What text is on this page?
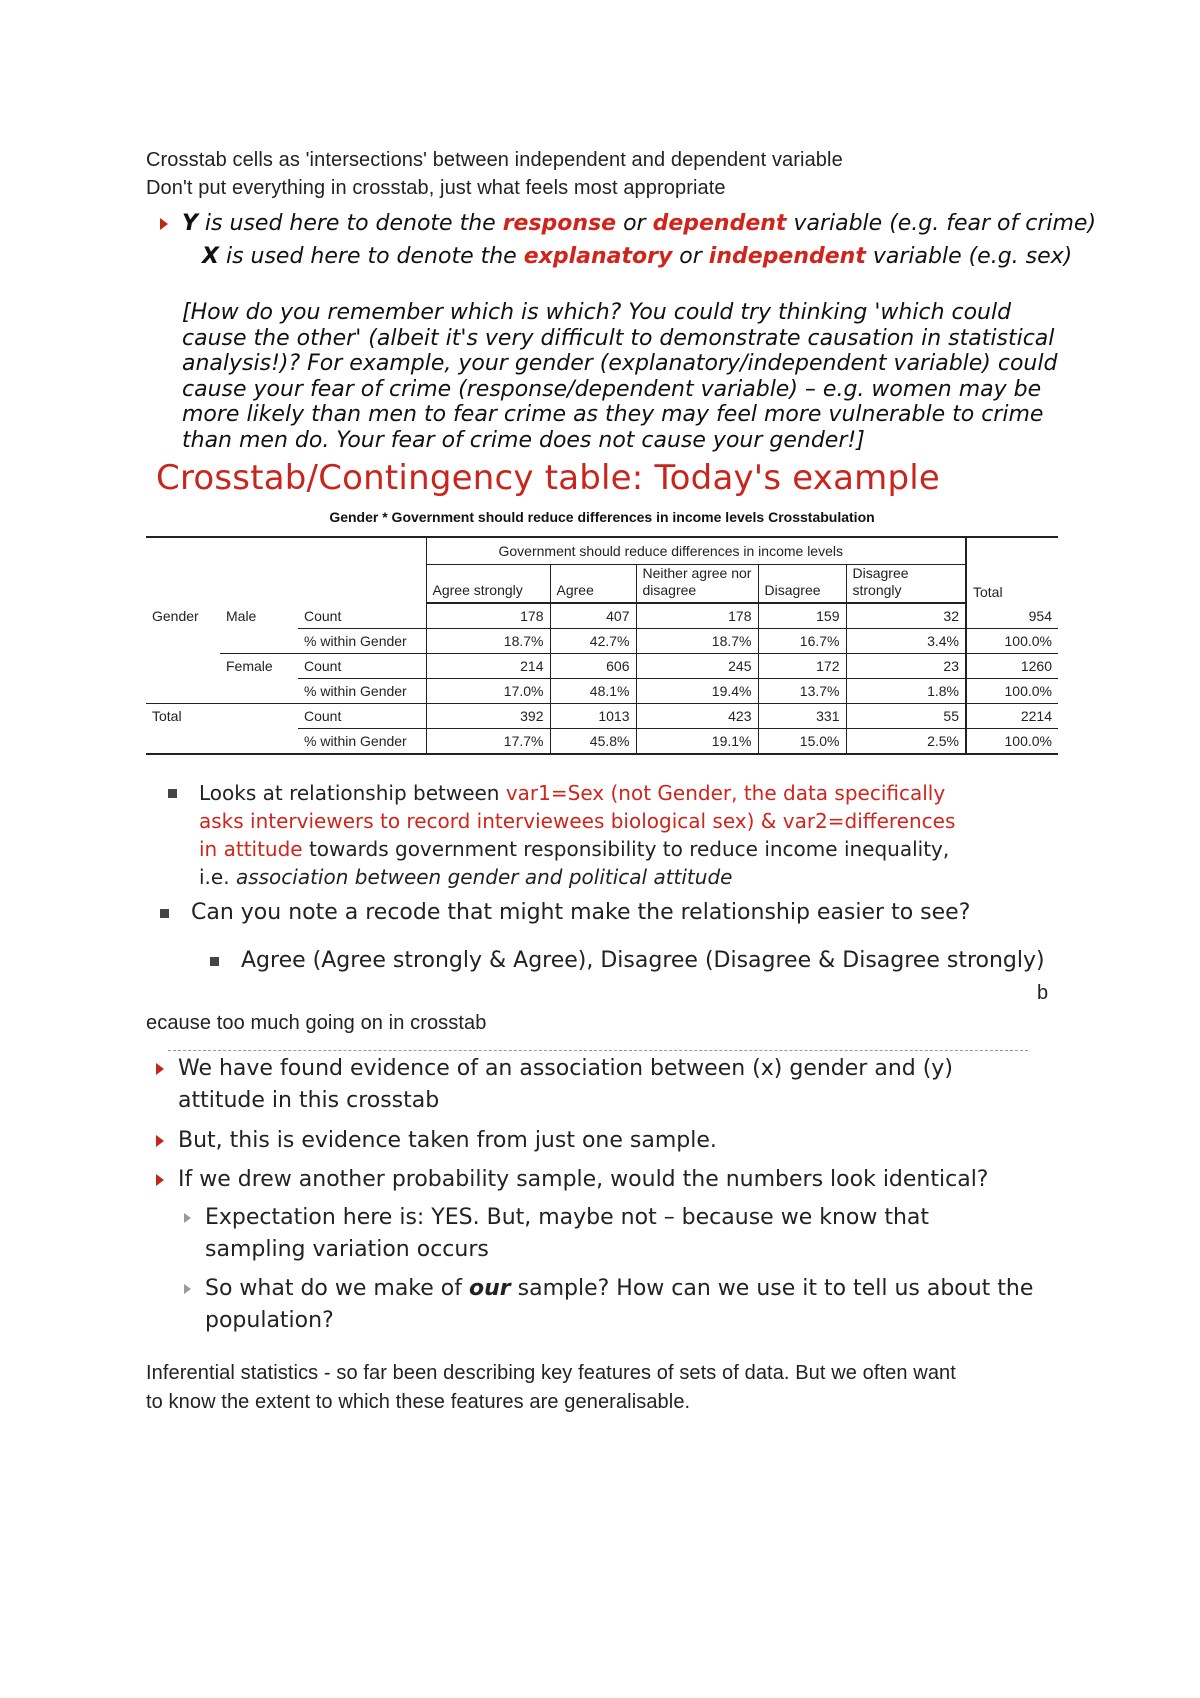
Crosstab cells as 'intersections' between independent and dependent variable
Don't put everything in crosstab, just what feels most appropriate
Y is used here to denote the response or dependent variable (e.g. fear of crime)
X is used here to denote the explanatory or independent variable (e.g. sex)
[How do you remember which is which? You could try thinking 'which could cause the other' (albeit it's very difficult to demonstrate causation in statistical analysis!)? For example, your gender (explanatory/independent variable) could cause your fear of crime (response/dependent variable) – e.g. women may be more likely than men to fear crime as they may feel more vulnerable to crime than men do. Your fear of crime does not cause your gender!]
Crosstab/Contingency table: Today's example
Gender * Government should reduce differences in income levels Crosstabulation
			Government should reduce differences in income levels					Total
			Agree strongly	Agree	Neither agree nor disagree	Disagree	Disagree strongly	
Gender	Male	Count	178	407	178	159	32	954
		% within Gender	18.7%	42.7%	18.7%	16.7%	3.4%	100.0%
	Female	Count	214	606	245	172	23	1260
		% within Gender	17.0%	48.1%	19.4%	13.7%	1.8%	100.0%
Total		Count	392	1013	423	331	55	2214
		% within Gender	17.7%	45.8%	19.1%	15.0%	2.5%	100.0%
Looks at relationship between var1=Sex (not Gender, the data specifically asks interviewers to record interviewees biological sex) & var2=differences in attitude towards government responsibility to reduce income inequality, i.e. association between gender and political attitude
Can you note a recode that might make the relationship easier to see?
Agree (Agree strongly & Agree), Disagree (Disagree & Disagree strongly)
b
ecause too much going on in crosstab
We have found evidence of an association between (x) gender and (y) attitude in this crosstab
But, this is evidence taken from just one sample.
If we drew another probability sample, would the numbers look identical?
Expectation here is: YES. But, maybe not – because we know that sampling variation occurs
So what do we make of our sample? How can we use it to tell us about the population?
Inferential statistics - so far been describing key features of sets of data. But we often want
to know the extent to which these features are generalisable.
